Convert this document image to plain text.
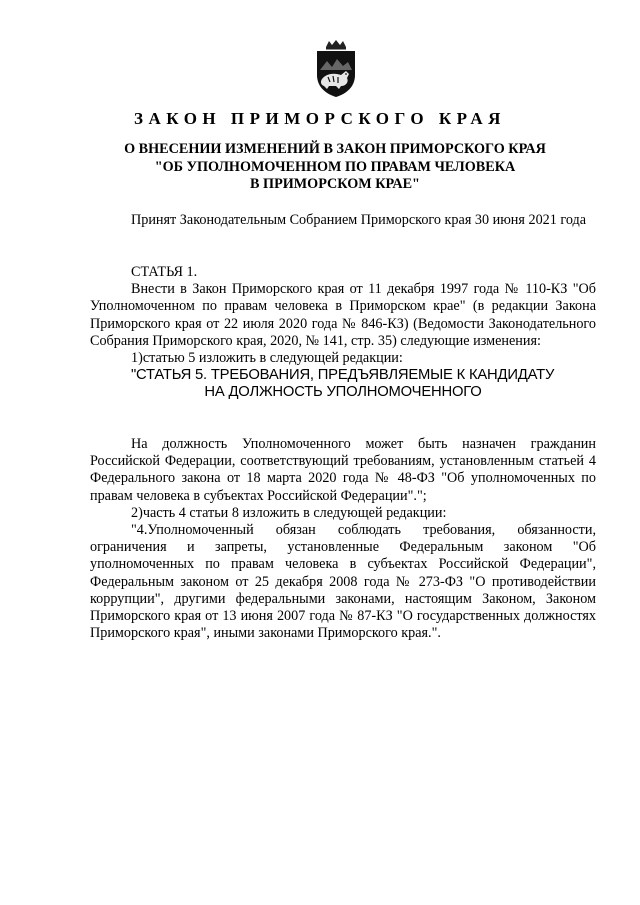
ЗАКОН ПРИМОРСКОГО КРАЯ
О ВНЕСЕНИИ ИЗМЕНЕНИЙ В ЗАКОН ПРИМОРСКОГО КРАЯ
"ОБ УПОЛНОМОЧЕННОМ ПО ПРАВАМ ЧЕЛОВЕКА
В ПРИМОРСКОМ КРАЕ"

Принят Законодательным Собранием Приморского края 30 июня 2021 года

СТАТЬЯ 1.

Внести в Закон Приморского края от 11 декабря 1997 года № 110-КЗ "Об Уполномоченном по правам человека в Приморском крае" (в редакции Закона Приморского края от 22 июля 2020 года № 846-КЗ) (Ведомости Законодательного Собрания Приморского края, 2020, № 141, стр. 35) следующие изменения:

1)статью 5 изложить в следующей редакции:

"СТАТЬЯ 5. ТРЕБОВАНИЯ, ПРЕДЪЯВЛЯЕМЫЕ К КАНДИДАТУ

НА ДОЛЖНОСТЬ УПОЛНОМОЧЕННОГО

На должность Уполномоченного может быть назначен гражданин Российской Федерации, соответствующий требованиям, установленным статьей 4 Федерального закона от 18 марта 2020 года № 48-ФЗ "Об уполномоченных по правам человека в субъектах Российской Федерации".";

2)часть 4 статьи 8 изложить в следующей редакции:

"4.Уполномоченный обязан соблюдать требования, обязанности, ограничения и запреты, установленные Федеральным законом "Об уполномоченных по правам человека в субъектах Российской Федерации", Федеральным законом от 25 декабря 2008 года № 273-ФЗ "О противодействии коррупции", другими федеральными законами, настоящим Законом, Законом Приморского края от 13 июня 2007 года № 87-КЗ "О государственных должностях Приморского края", иными законами Приморского края.".
